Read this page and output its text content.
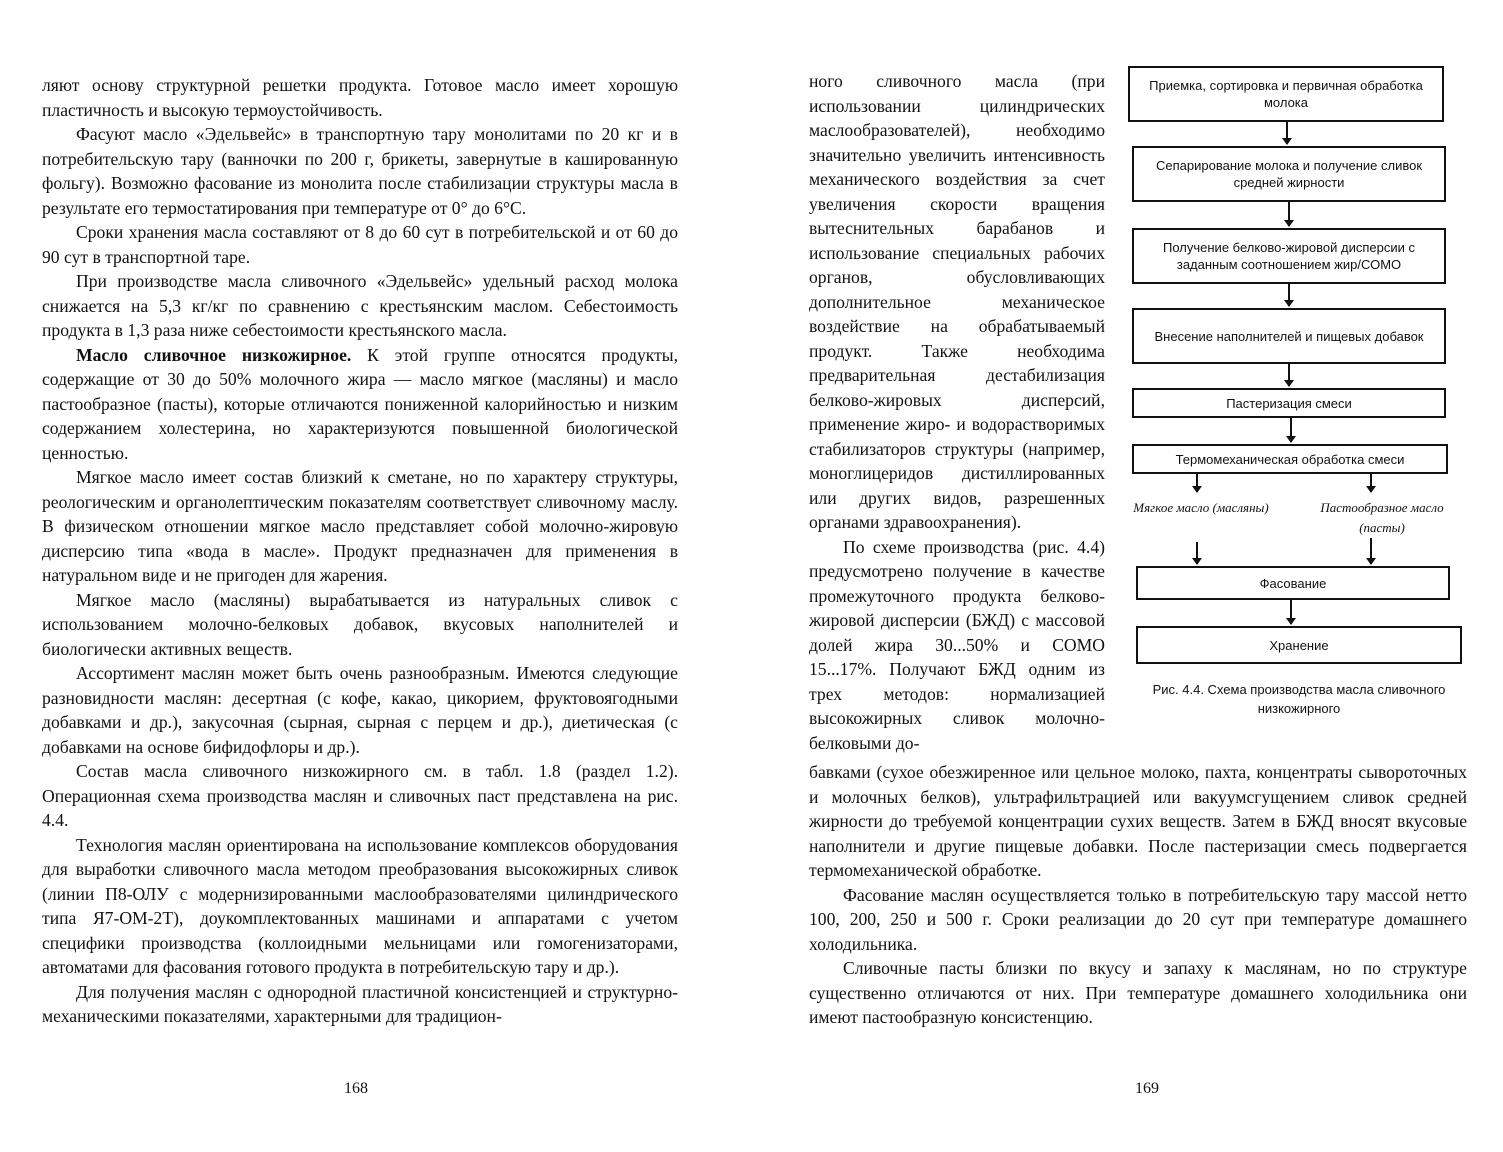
ляют основу структурной решетки продукта. Готовое масло имеет хорошую пластичность и высокую термоустойчивость.

Фасуют масло «Эдельвейс» в транспортную тару монолитами по 20 кг и в потребительскую тару (ванночки по 200 г, брикеты, завернутые в кашированную фольгу). Возможно фасование из монолита после стабилизации структуры масла в результате его термостатирования при температуре от 0° до 6°С.

Сроки хранения масла составляют от 8 до 60 сут в потребительской и от 60 до 90 сут в транспортной таре.

При производстве масла сливочного «Эдельвейс» удельный расход молока снижается на 5,3 кг/кг по сравнению с крестьянским маслом. Себестоимость продукта в 1,3 раза ниже себестоимости крестьянского масла.

Масло сливочное низкожирное. К этой группе относятся продукты, содержащие от 30 до 50% молочного жира — масло мягкое (масляны) и масло пастообразное (пасты), которые отличаются пониженной калорийностью и низким содержанием холестерина, но характеризуются повышенной биологической ценностью.

Мягкое масло имеет состав близкий к сметане, но по характеру структуры, реологическим и органолептическим показателям соответствует сливочному маслу. В физическом отношении мягкое масло представляет собой молочно-жировую дисперсию типа «вода в масле». Продукт предназначен для применения в натуральном виде и не пригоден для жарения.

Мягкое масло (масляны) вырабатывается из натуральных сливок с использованием молочно-белковых добавок, вкусовых наполнителей и биологически активных веществ.

Ассортимент маслян может быть очень разнообразным. Имеются следующие разновидности маслян: десертная (с кофе, какао, цикорием, фруктовоягодными добавками и др.), закусочная (сырная, сырная с перцем и др.), диетическая (с добавками на основе бифидофлоры и др.).

Состав масла сливочного низкожирного см. в табл. 1.8 (раздел 1.2). Операционная схема производства маслян и сливочных паст представлена на рис. 4.4.

Технология маслян ориентирована на использование комплексов оборудования для выработки сливочного масла методом преобразования высокожирных сливок (линии П8-ОЛУ с модернизированными маслообразователями цилиндрического типа Я7-ОМ-2Т), доукомплектованных машинами и аппаратами с учетом специфики производства (коллоидными мельницами или гомогенизаторами, автоматами для фасования готового продукта в потребительскую тару и др.).

Для получения маслян с однородной пластичной консистенцией и структурно-механическими показателями, характерными для традицион-

168

ного сливочного масла (при использовании цилиндрических маслообразователей), необходимо значительно увеличить интенсивность механического воздействия за счет увеличения скорости вращения вытеснительных барабанов и использование специальных рабочих органов, обусловливающих дополнительное механическое воздействие на обрабатываемый продукт. Также необходима предварительная дестабилизация белково-жировых дисперсий, применение жиро- и водорастворимых стабилизаторов структуры (например, моноглицеридов дистиллированных или других видов, разрешенных органами здравоохранения).

По схеме производства (рис. 4.4) предусмотрено получение в качестве промежуточного продукта белково-жировой дисперсии (БЖД) с массовой долей жира 30...50% и СОМО 15...17%. Получают БЖД одним из трех методов: нормализацией высокожирных сливок молочно-белковыми до-

Приемка, сортировка и первичная обработка молока
Сепарирование молока и получение сливок средней жирности
Получение белково-жировой дисперсии с заданным соотношением жир/СОМО
Внесение наполнителей и пищевых добавок
Пастеризация смеси
Термомеханическая обработка смеси
Мягкое масло (масляны)	Пастообразное масло (пасты)
Фасование
Хранение
Рис. 4.4. Схема производства масла сливочного низкожирного

бавками (сухое обезжиренное или цельное молоко, пахта, концентраты сывороточных и молочных белков), ультрафильтрацией или вакуумсгущением сливок средней жирности до требуемой концентрации сухих веществ. Затем в БЖД вносят вкусовые наполнители и другие пищевые добавки. После пастеризации смесь подвергается термомеханической обработке.

Фасование маслян осуществляется только в потребительскую тару массой нетто 100, 200, 250 и 500 г. Сроки реализации до 20 сут при температуре домашнего холодильника.

Сливочные пасты близки по вкусу и запаху к маслянам, но по структуре существенно отличаются от них. При температуре домашнего холодильника они имеют пастообразную консистенцию.

169
